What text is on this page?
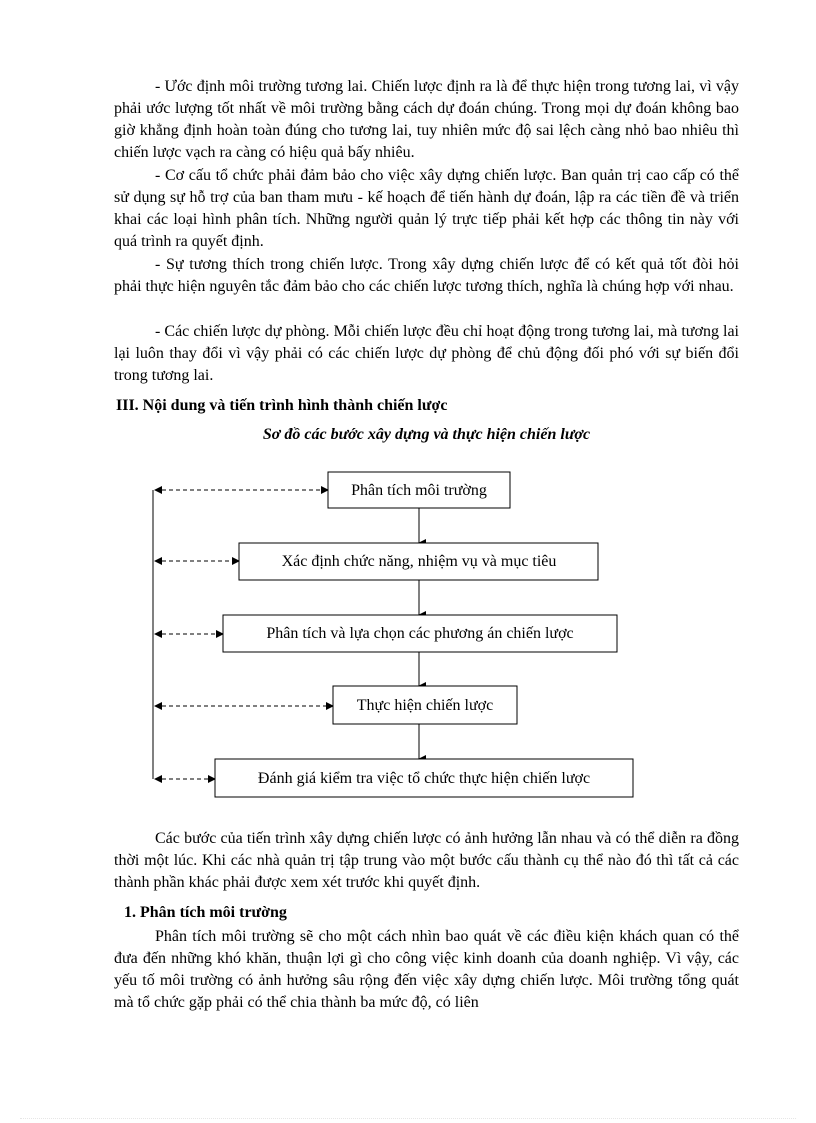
- Ước định môi trường tương lai. Chiến lược định ra là để thực hiện trong tương lai, vì vậy phải ước lượng tốt nhất về môi trường bằng cách dự đoán chúng. Trong mọi dự đoán không bao giờ khẳng định hoàn toàn đúng cho tương lai, tuy nhiên mức độ sai lệch càng nhỏ bao nhiêu thì chiến lược vạch ra càng có hiệu quả bấy nhiêu.
- Cơ cấu tổ chức phải đảm bảo cho việc xây dựng chiến lược. Ban quản trị cao cấp có thể sử dụng sự hỗ trợ của ban tham mưu - kế hoạch để tiến hành dự đoán, lập ra các tiền đề và triển khai các loại hình phân tích. Những người quản lý trực tiếp phải kết hợp các thông tin này với quá trình ra quyết định.
- Sự tương thích trong chiến lược. Trong xây dựng chiến lược để có kết quả tốt đòi hỏi phải thực hiện nguyên tắc đảm bảo cho các chiến lược tương thích, nghĩa là chúng hợp với nhau.
- Các chiến lược dự phòng. Mỗi chiến lược đều chỉ hoạt động trong tương lai, mà tương lai lại luôn thay đổi vì vậy phải có các chiến lược dự phòng để chủ động đối phó với sự biến đổi trong tương lai.
III. Nội dung và tiến trình hình thành chiến lược
Sơ đồ các bước xây dựng và thực hiện chiến lược
Phân tích môi trường
Xác định chức năng, nhiệm vụ và mục tiêu
Phân tích và lựa chọn các phương án chiến lược
Thực hiện chiến lược
Đánh giá kiểm tra việc tổ chức thực hiện chiến lược
Các bước của tiến trình xây dựng chiến lược có ảnh hưởng lẫn nhau và có thể diễn ra đồng thời một lúc. Khi các nhà quản trị tập trung vào một bước cấu thành cụ thể nào đó thì tất cả các thành phần khác phải được xem xét trước khi quyết định.
1. Phân tích môi trường
Phân tích môi trường sẽ cho một cách nhìn bao quát về các điều kiện khách quan có thể đưa đến những khó khăn, thuận lợi gì cho công việc kinh doanh của doanh nghiệp. Vì vậy, các yếu tố môi trường có ảnh hưởng sâu rộng đến việc xây dựng chiến lược. Môi trường tổng quát mà tổ chức gặp phải có thể chia thành ba mức độ, có liên
